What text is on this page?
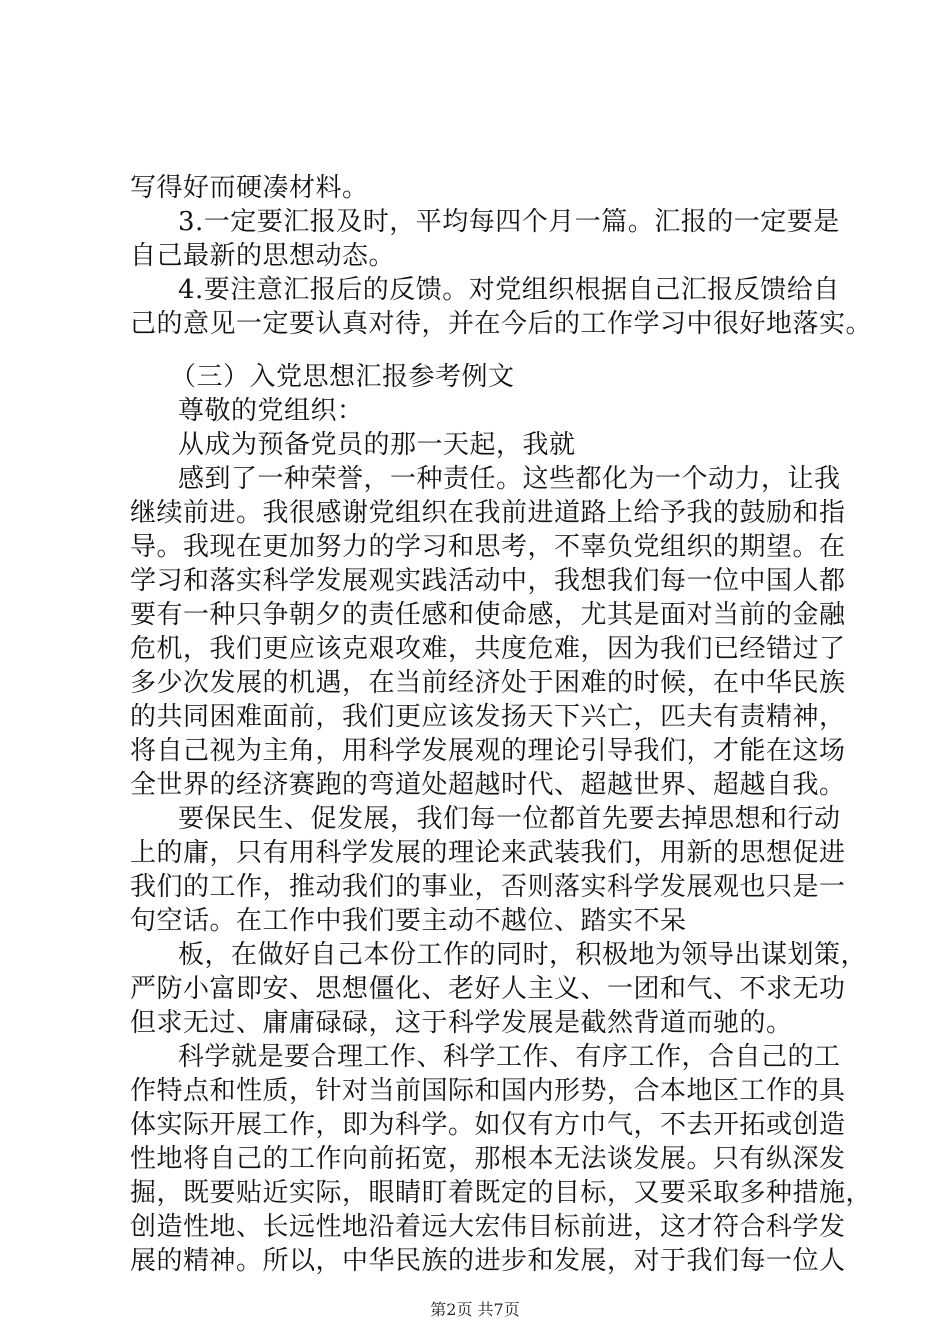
写得好而硬凑材料。
3.一定要汇报及时，平均每四个月一篇。汇报的一定要是
自己最新的思想动态。
4.要注意汇报后的反馈。对党组织根据自己汇报反馈给自
己的意见一定要认真对待，并在今后的工作学习中很好地落实。
（三）入党思想汇报参考例文
尊敬的党组织：
从成为预备党员的那一天起，我就
感到了一种荣誉，一种责任。这些都化为一个动力，让我
继续前进。我很感谢党组织在我前进道路上给予我的鼓励和指
导。我现在更加努力的学习和思考，不辜负党组织的期望。在
学习和落实科学发展观实践活动中，我想我们每一位中国人都
要有一种只争朝夕的责任感和使命感，尤其是面对当前的金融
危机，我们更应该克艰攻难，共度危难，因为我们已经错过了
多少次发展的机遇，在当前经济处于困难的时候，在中华民族
的共同困难面前，我们更应该发扬天下兴亡，匹夫有责精神，
将自己视为主角，用科学发展观的理论引导我们，才能在这场
全世界的经济赛跑的弯道处超越时代、超越世界、超越自我。
要保民生、促发展，我们每一位都首先要去掉思想和行动
上的庸，只有用科学发展的理论来武装我们，用新的思想促进
我们的工作，推动我们的事业，否则落实科学发展观也只是一
句空话。在工作中我们要主动不越位、踏实不呆
板，在做好自己本份工作的同时，积极地为领导出谋划策，
严防小富即安、思想僵化、老好人主义、一团和气、不求无功
但求无过、庸庸碌碌，这于科学发展是截然背道而驰的。
科学就是要合理工作、科学工作、有序工作，合自己的工
作特点和性质，针对当前国际和国内形势，合本地区工作的具
体实际开展工作，即为科学。如仅有方巾气，不去开拓或创造
性地将自己的工作向前拓宽，那根本无法谈发展。只有纵深发
掘，既要贴近实际，眼睛盯着既定的目标，又要采取多种措施，
创造性地、长远性地沿着远大宏伟目标前进，这才符合科学发
展的精神。所以，中华民族的进步和发展，对于我们每一位人
第2页 共7页
